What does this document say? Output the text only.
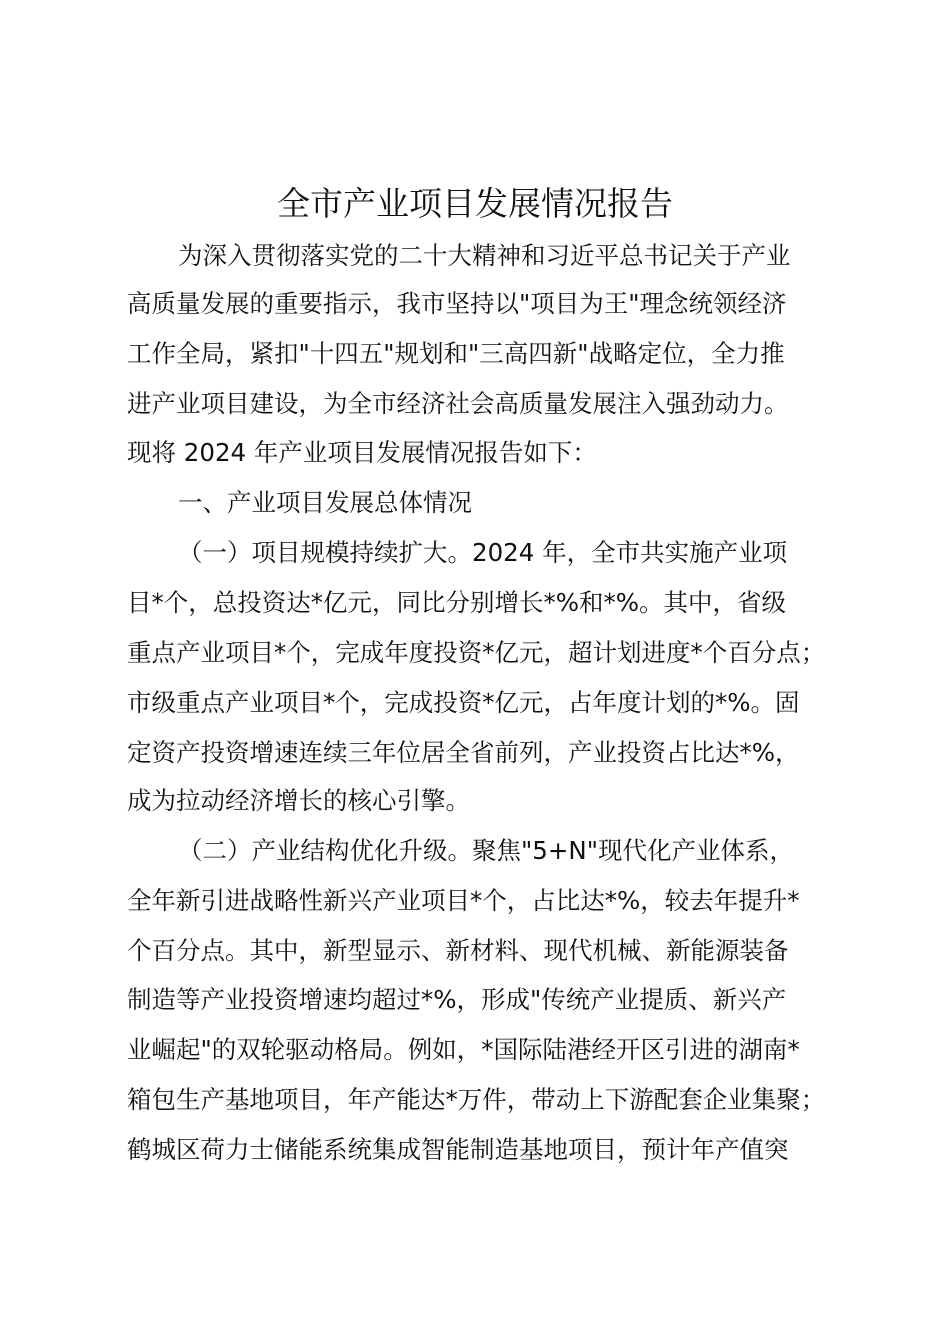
全市产业项目发展情况报告

为深入贯彻落实党的二十大精神和习近平总书记关于产业

高质量发展的重要指示，我市坚持以"项目为王"理念统领经济

工作全局，紧扣"十四五"规划和"三高四新"战略定位，全力推

进产业项目建设，为全市经济社会高质量发展注入强劲动力。

现将 2024 年产业项目发展情况报告如下：

一、产业项目发展总体情况

（一）项目规模持续扩大。2024 年，全市共实施产业项

目*个，总投资达*亿元，同比分别增长*%和*%。其中，省级

重点产业项目*个，完成年度投资*亿元，超计划进度*个百分点；

市级重点产业项目*个，完成投资*亿元，占年度计划的*%。固

定资产投资增速连续三年位居全省前列，产业投资占比达*%，

成为拉动经济增长的核心引擎。

（二）产业结构优化升级。聚焦"5+N"现代化产业体系，

全年新引进战略性新兴产业项目*个，占比达*%，较去年提升*

个百分点。其中，新型显示、新材料、现代机械、新能源装备

制造等产业投资增速均超过*%，形成"传统产业提质、新兴产

业崛起"的双轮驱动格局。例如，*国际陆港经开区引进的湖南*

箱包生产基地项目，年产能达*万件，带动上下游配套企业集聚；

鹤城区荷力士储能系统集成智能制造基地项目，预计年产值突
